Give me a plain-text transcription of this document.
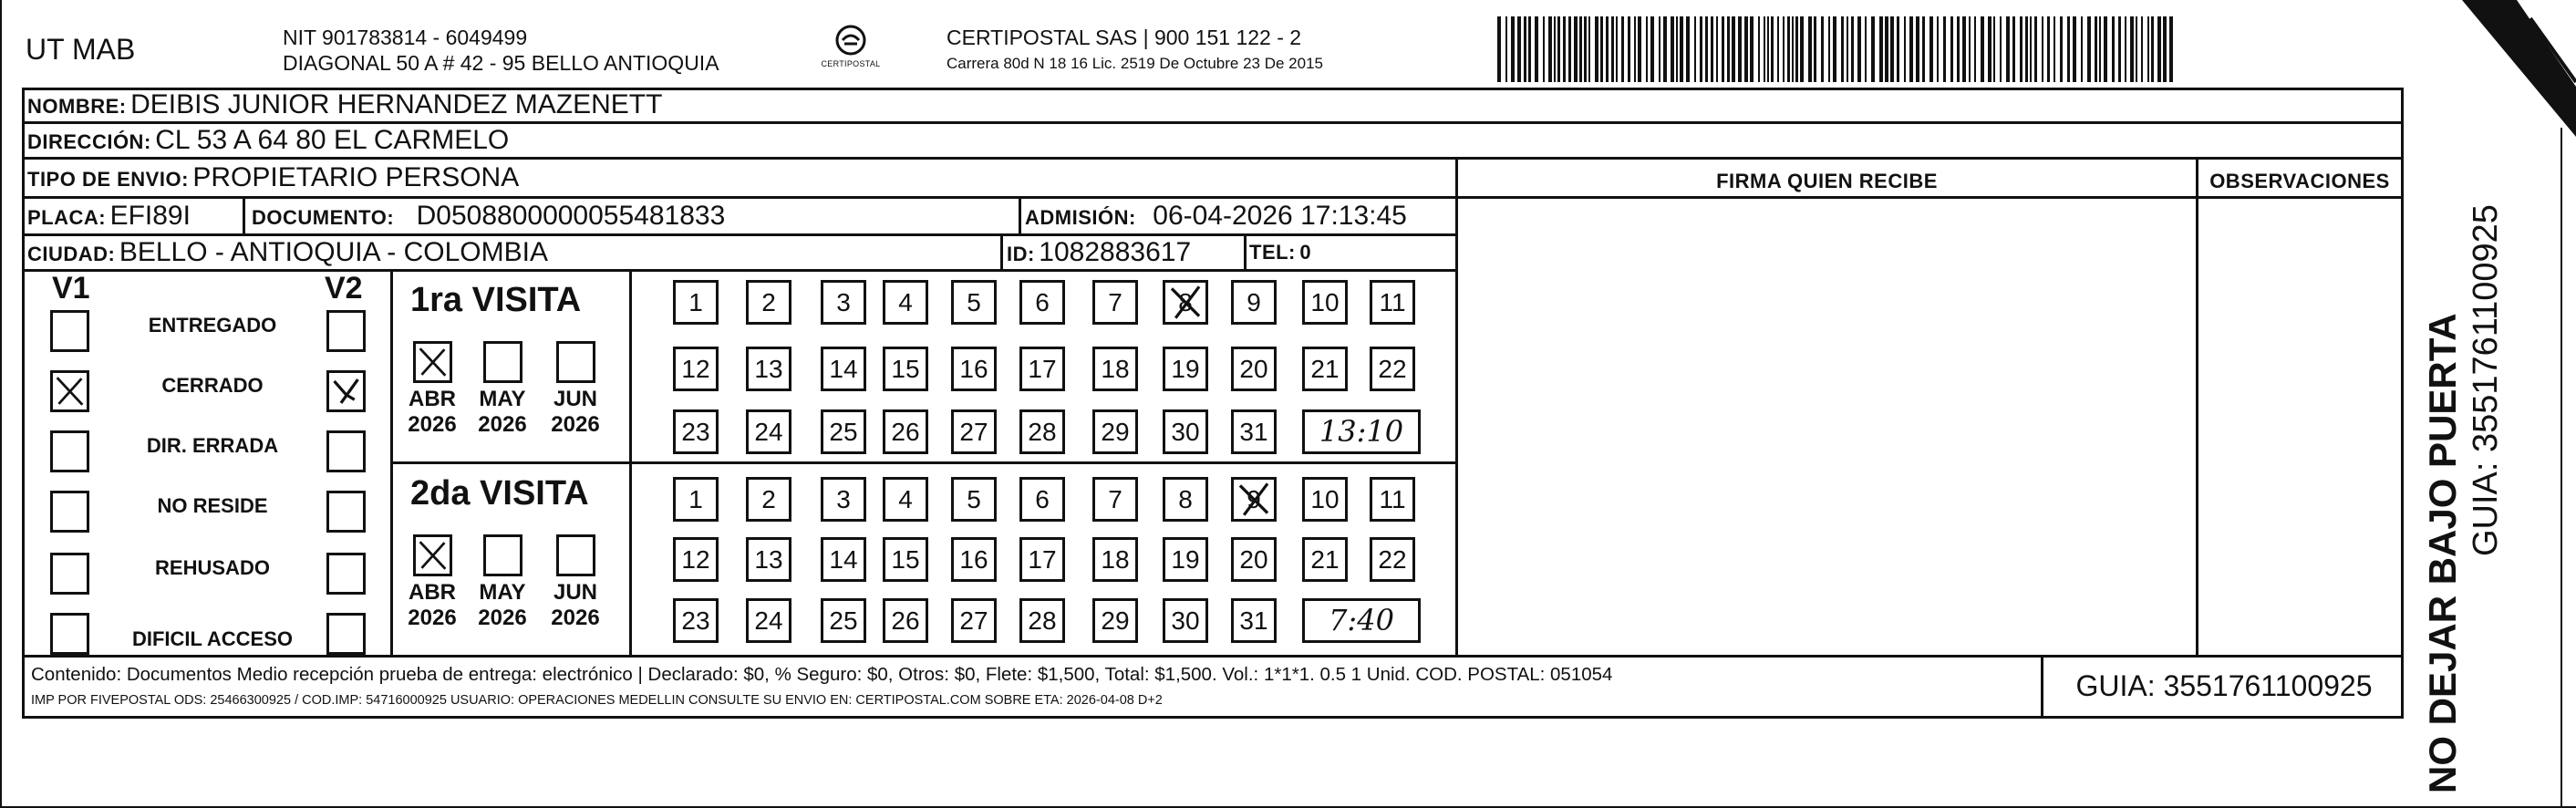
UT MAB	NIT 901783814 - 6049499
DIAGONAL 50 A # 42 - 95 BELLO ANTIOQUIA	CERTIPOSTAL
CERTIPOSTAL SAS | 900 151 122 - 2
Carrera 80d N 18 16 Lic. 2519 De Octubre 23 De 2015
NOMBRE: DEIBIS JUNIOR HERNANDEZ MAZENETT
DIRECCIÓN: CL 53 A 64 80 EL CARMELO
TIPO DE ENVIO: PROPIETARIO PERSONA	FIRMA QUIEN RECIBE	OBSERVACIONES
PLACA: EFI89I	DOCUMENTO: D0508800000055481833	ADMISIÓN: 06-04-2026 17:13:45
CIUDAD: BELLO - ANTIOQUIA - COLOMBIA	ID: 1082883617	TEL: 0
V1	V2
ENTREGADO
CERRADO
DIR. ERRADA
NO RESIDE
REHUSADO
DIFICIL ACCESO
1ra VISITA
ABR
2026
MAY
2026
JUN
2026
1	2	3	4	5	6	7	8	9	10	11
12	13	14	15	16	17	18	19	20	21	22
23	24	25	26	27	28	29	30	31	13:10
2da VISITA
ABR
2026
MAY
2026
JUN
2026
1	2	3	4	5	6	7	8	9	10	11
12	13	14	15	16	17	18	19	20	21	22
23	24	25	26	27	28	29	30	31	7:40
Contenido: Documentos Medio recepción prueba de entrega: electrónico | Declarado: $0, % Seguro: $0, Otros: $0, Flete: $1,500, Total: $1,500. Vol.: 1*1*1. 0.5 1 Unid. COD. POSTAL: 051054
IMP POR FIVEPOSTAL ODS: 25466300925 / COD.IMP: 54716000925 USUARIO: OPERACIONES MEDELLIN CONSULTE SU ENVIO EN: CERTIPOSTAL.COM SOBRE ETA: 2026-04-08 D+2	GUIA: 3551761100925	NO DEJAR BAJO PUERTA GUIA: 3551761100925
